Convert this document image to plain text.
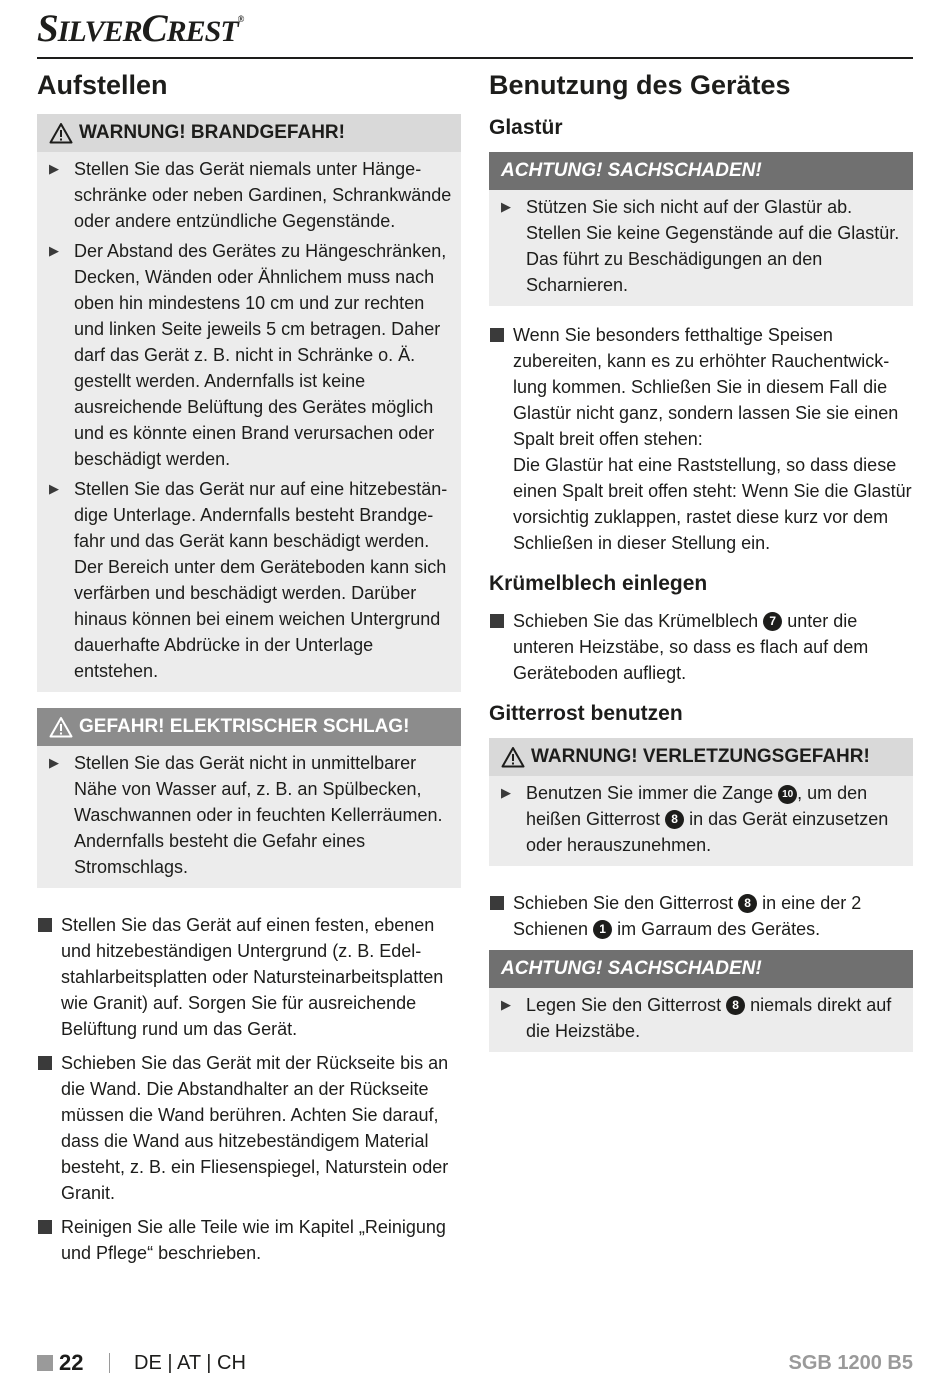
SILVERCREST®
Aufstellen
WARNUNG! BRANDGEFAHR!
▶ Stellen Sie das Gerät niemals unter Hängeschränke oder neben Gardinen, Schrankwände oder andere entzündliche Gegenstände.
▶ Der Abstand des Gerätes zu Hängeschränken, Decken, Wänden oder Ähnlichem muss nach oben hin mindestens 10 cm und zur rechten und linken Seite jeweils 5 cm betragen. Daher darf das Gerät z. B. nicht in Schränke o. Ä. gestellt werden. Andernfalls ist keine ausreichende Belüftung des Gerätes möglich und es könnte einen Brand verursachen oder beschädigt werden.
▶ Stellen Sie das Gerät nur auf eine hitzebeständige Unterlage. Andernfalls besteht Brandgefahr und das Gerät kann beschädigt werden. Der Bereich unter dem Geräteboden kann sich verfärben und beschädigt werden. Darüber hinaus können bei einem weichen Untergrund dauerhafte Abdrücke in der Unterlage entstehen.
GEFAHR! ELEKTRISCHER SCHLAG!
▶ Stellen Sie das Gerät nicht in unmittelbarer Nähe von Wasser auf, z. B. an Spülbecken, Waschwannen oder in feuchten Kellerräumen. Andernfalls besteht die Gefahr eines Stromschlags.
Stellen Sie das Gerät auf einen festen, ebenen und hitzebeständigen Untergrund (z. B. Edelstahlarbeitsplatten oder Natursteinarbeitsplatten wie Granit) auf. Sorgen Sie für ausreichende Belüftung rund um das Gerät.
Schieben Sie das Gerät mit der Rückseite bis an die Wand. Die Abstandhalter an der Rückseite müssen die Wand berühren. Achten Sie darauf, dass die Wand aus hitzebeständigem Material besteht, z. B. ein Fliesenspiegel, Naturstein oder Granit.
Reinigen Sie alle Teile wie im Kapitel „Reinigung und Pflege“ beschrieben.
Benutzung des Gerätes
Glastür
ACHTUNG! SACHSCHADEN!
▶ Stützen Sie sich nicht auf der Glastür ab. Stellen Sie keine Gegenstände auf die Glastür. Das führt zu Beschädigungen an den Scharnieren.
Wenn Sie besonders fetthaltige Speisen zubereiten, kann es zu erhöhter Rauchentwicklung kommen. Schließen Sie in diesem Fall die Glastür nicht ganz, sondern lassen Sie sie einen Spalt breit offen stehen:
Die Glastür hat eine Raststellung, so dass diese einen Spalt breit offen steht: Wenn Sie die Glastür vorsichtig zuklappen, rastet diese kurz vor dem Schließen in dieser Stellung ein.
Krümelblech einlegen
Schieben Sie das Krümelblech 7 unter die unteren Heizstäbe, so dass es flach auf dem Geräteboden aufliegt.
Gitterrost benutzen
WARNUNG! VERLETZUNGSGEFAHR!
▶ Benutzen Sie immer die Zange 10 , um den heißen Gitterrost 8 in das Gerät einzusetzen oder herauszunehmen.
Schieben Sie den Gitterrost 8 in eine der 2 Schienen 1 im Garraum des Gerätes.
ACHTUNG! SACHSCHADEN!
▶ Legen Sie den Gitterrost 8 niemals direkt auf die Heizstäbe.
22	DE | AT | CH	SGB 1200 B5
